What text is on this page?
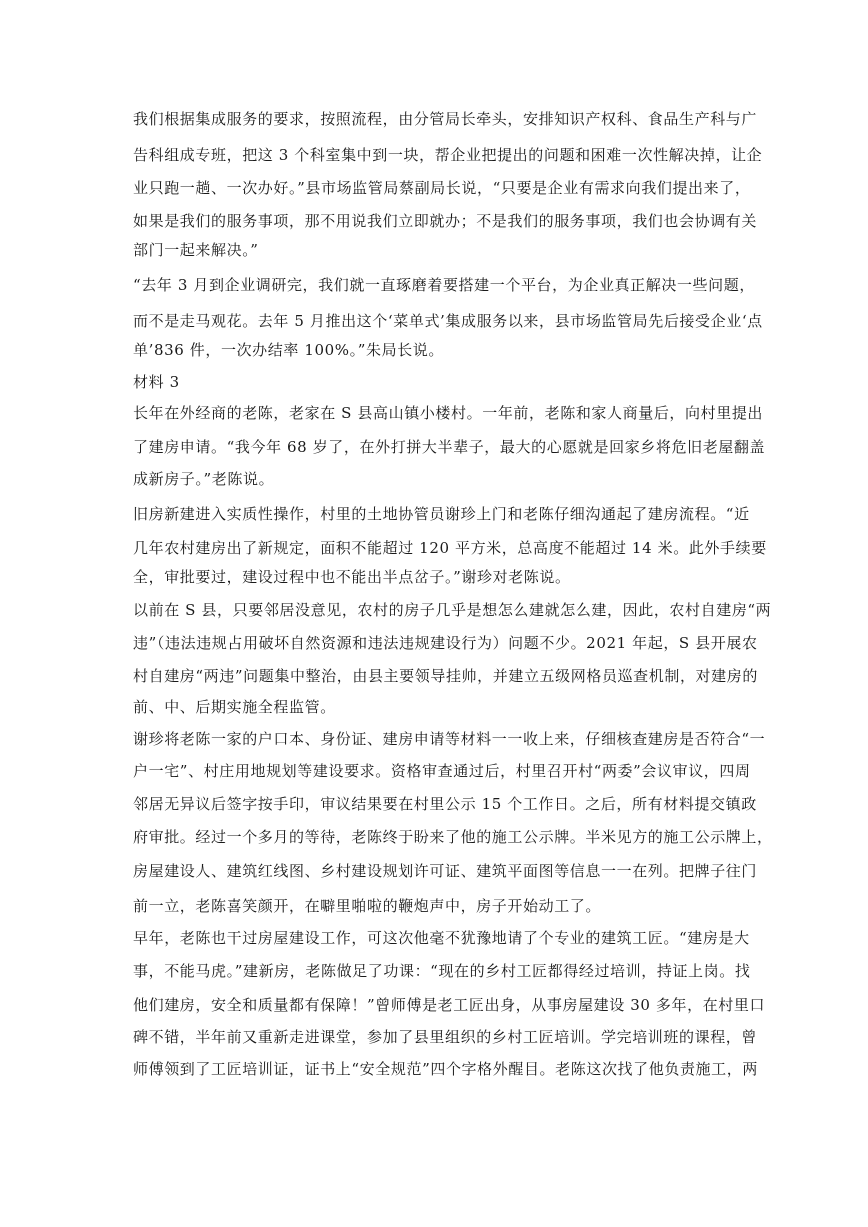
我们根据集成服务的要求，按照流程，由分管局长牵头，安排知识产权科、食品生产科与广
告科组成专班，把这 3 个科室集中到一块，帮企业把提出的问题和困难一次性解决掉，让企
业只跑一趟、一次办好。”县市场监管局蔡副局长说，“只要是企业有需求向我们提出来了，
如果是我们的服务事项，那不用说我们立即就办；不是我们的服务事项，我们也会协调有关
部门一起来解决。”
“去年 3 月到企业调研完，我们就一直琢磨着要搭建一个平台，为企业真正解决一些问题，
而不是走马观花。去年 5 月推出这个‘菜单式’集成服务以来，县市场监管局先后接受企业‘点
单’836 件，一次办结率 100%。”朱局长说。
材料 3
长年在外经商的老陈，老家在 S 县高山镇小楼村。一年前，老陈和家人商量后，向村里提出
了建房申请。“我今年 68 岁了，在外打拼大半辈子，最大的心愿就是回家乡将危旧老屋翻盖
成新房子。”老陈说。
旧房新建进入实质性操作，村里的土地协管员谢珍上门和老陈仔细沟通起了建房流程。“近
几年农村建房出了新规定，面积不能超过 120 平方米，总高度不能超过 14 米。此外手续要
全，审批要过，建设过程中也不能出半点岔子。”谢珍对老陈说。
以前在 S 县，只要邻居没意见，农村的房子几乎是想怎么建就怎么建，因此，农村自建房“两
违”（违法违规占用破坏自然资源和违法违规建设行为）问题不少。2021 年起，S 县开展农
村自建房“两违”问题集中整治，由县主要领导挂帅，并建立五级网格员巡查机制，对建房的
前、中、后期实施全程监管。
谢珍将老陈一家的户口本、身份证、建房申请等材料一一收上来，仔细核查建房是否符合“一
户一宅”、村庄用地规划等建设要求。资格审查通过后，村里召开村“两委”会议审议，四周
邻居无异议后签字按手印，审议结果要在村里公示 15 个工作日。之后，所有材料提交镇政
府审批。经过一个多月的等待，老陈终于盼来了他的施工公示牌。半米见方的施工公示牌上，
房屋建设人、建筑红线图、乡村建设规划许可证、建筑平面图等信息一一在列。把牌子往门
前一立，老陈喜笑颜开，在噼里啪啦的鞭炮声中，房子开始动工了。
早年，老陈也干过房屋建设工作，可这次他毫不犹豫地请了个专业的建筑工匠。“建房是大
事，不能马虎。”建新房，老陈做足了功课：“现在的乡村工匠都得经过培训，持证上岗。找
他们建房，安全和质量都有保障！”曾师傅是老工匠出身，从事房屋建设 30 多年，在村里口
碑不错，半年前又重新走进课堂，参加了县里组织的乡村工匠培训。学完培训班的课程，曾
师傅领到了工匠培训证，证书上“安全规范”四个字格外醒目。老陈这次找了他负责施工，两
